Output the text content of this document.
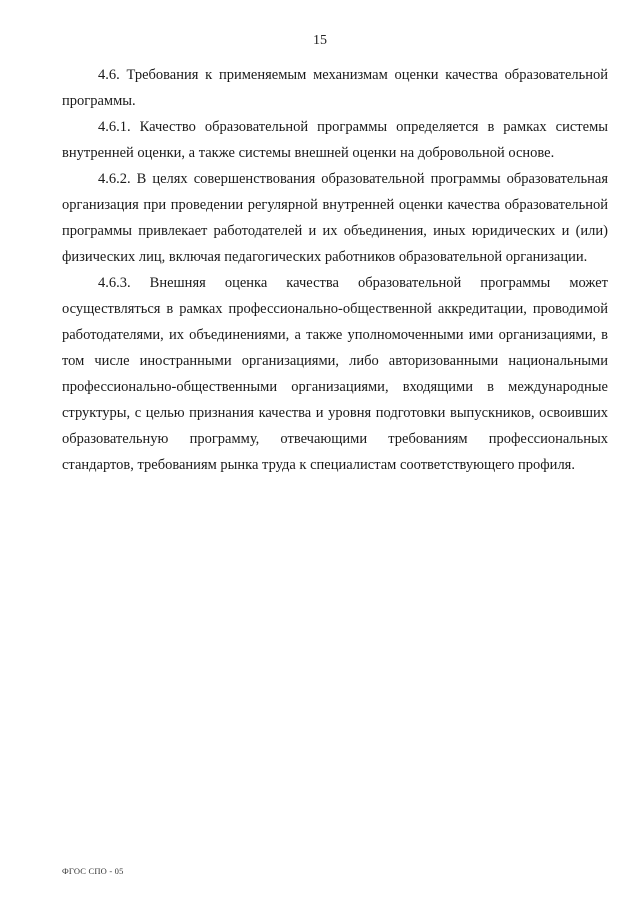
15

4.6. Требования к применяемым механизмам оценки качества образовательной программы.

4.6.1. Качество образовательной программы определяется в рамках системы внутренней оценки, а также системы внешней оценки на добровольной основе.

4.6.2. В целях совершенствования образовательной программы образовательная организация при проведении регулярной внутренней оценки качества образовательной программы привлекает работодателей и их объединения, иных юридических и (или) физических лиц, включая педагогических работников образовательной организации.

4.6.3. Внешняя оценка качества образовательной программы может осуществляться в рамках профессионально-общественной аккредитации, проводимой работодателями, их объединениями, а также уполномоченными ими организациями, в том числе иностранными организациями, либо авторизованными национальными профессионально-общественными организациями, входящими в международные структуры, с целью признания качества и уровня подготовки выпускников, освоивших образовательную программу, отвечающими требованиям профессиональных стандартов, требованиям рынка труда к специалистам соответствующего профиля.

ФГОС СПО - 05
